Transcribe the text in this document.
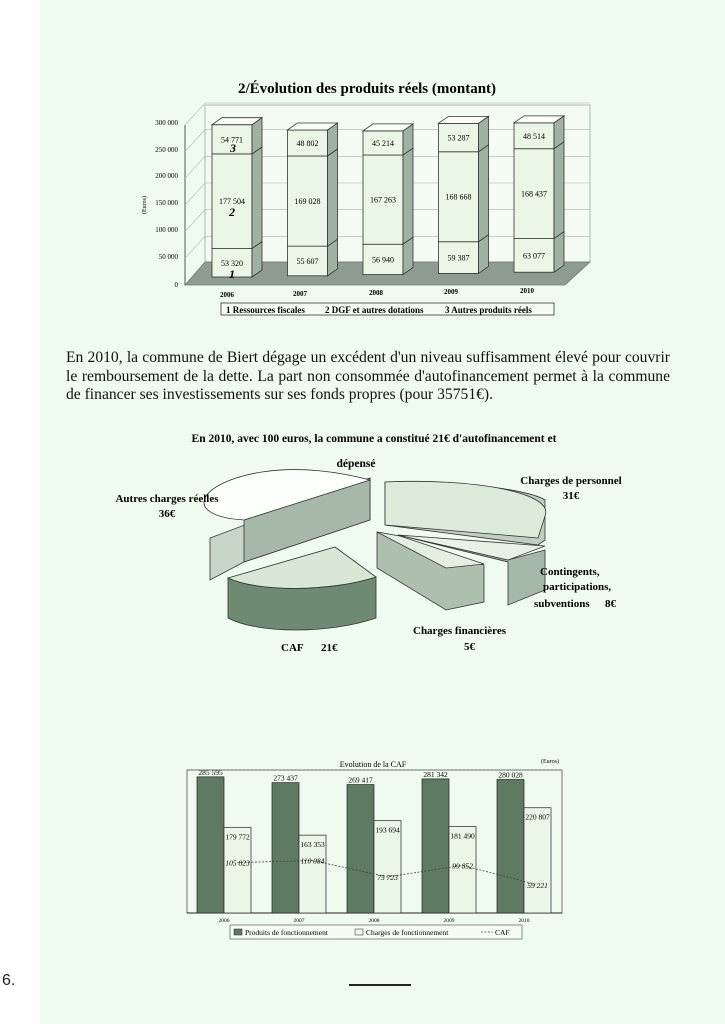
2/Évolution des produits réels (montant)
300 000
250 000
200 000
150 000
100 000
50 000
0
(Euros)
53 320
177 504
54 771
55 607
169 028
48 802
56 940
167 263
45 214
59 387
168 668
53 287
63 077
168 437
48 514
3
2
1
2006	2007	2008	2009	2010
1 Ressources fiscales 2 DGF et autres dotations 3 Autres produits réels
En 2010, la commune de Biert dégage un excédent d'un niveau suffisamment élevé pour couvrir le remboursement de la dette. La part non consommée d'autofinancement permet à la commune de financer ses investissements sur ses fonds propres (pour 35751€).
En 2010, avec 100 euros, la commune a constitué 21€ d'autofinancement et
dépensé
Autres charges réelles
36€
Charges de personnel
31€
Contingents,
participations,
subventions 8€
Charges financières
5€
CAF 21€
Evolution de la CAF	(Euros)
285 595
179 772
105 823
2006
273 437
163 353
110 084
2007
269 417
193 694
75 723
2008
281 342
181 490
99 852
2009
280 028
220 807
59 221
2010
Produits de fonctionnement	Charges de fonctionnement	CAF
6.
